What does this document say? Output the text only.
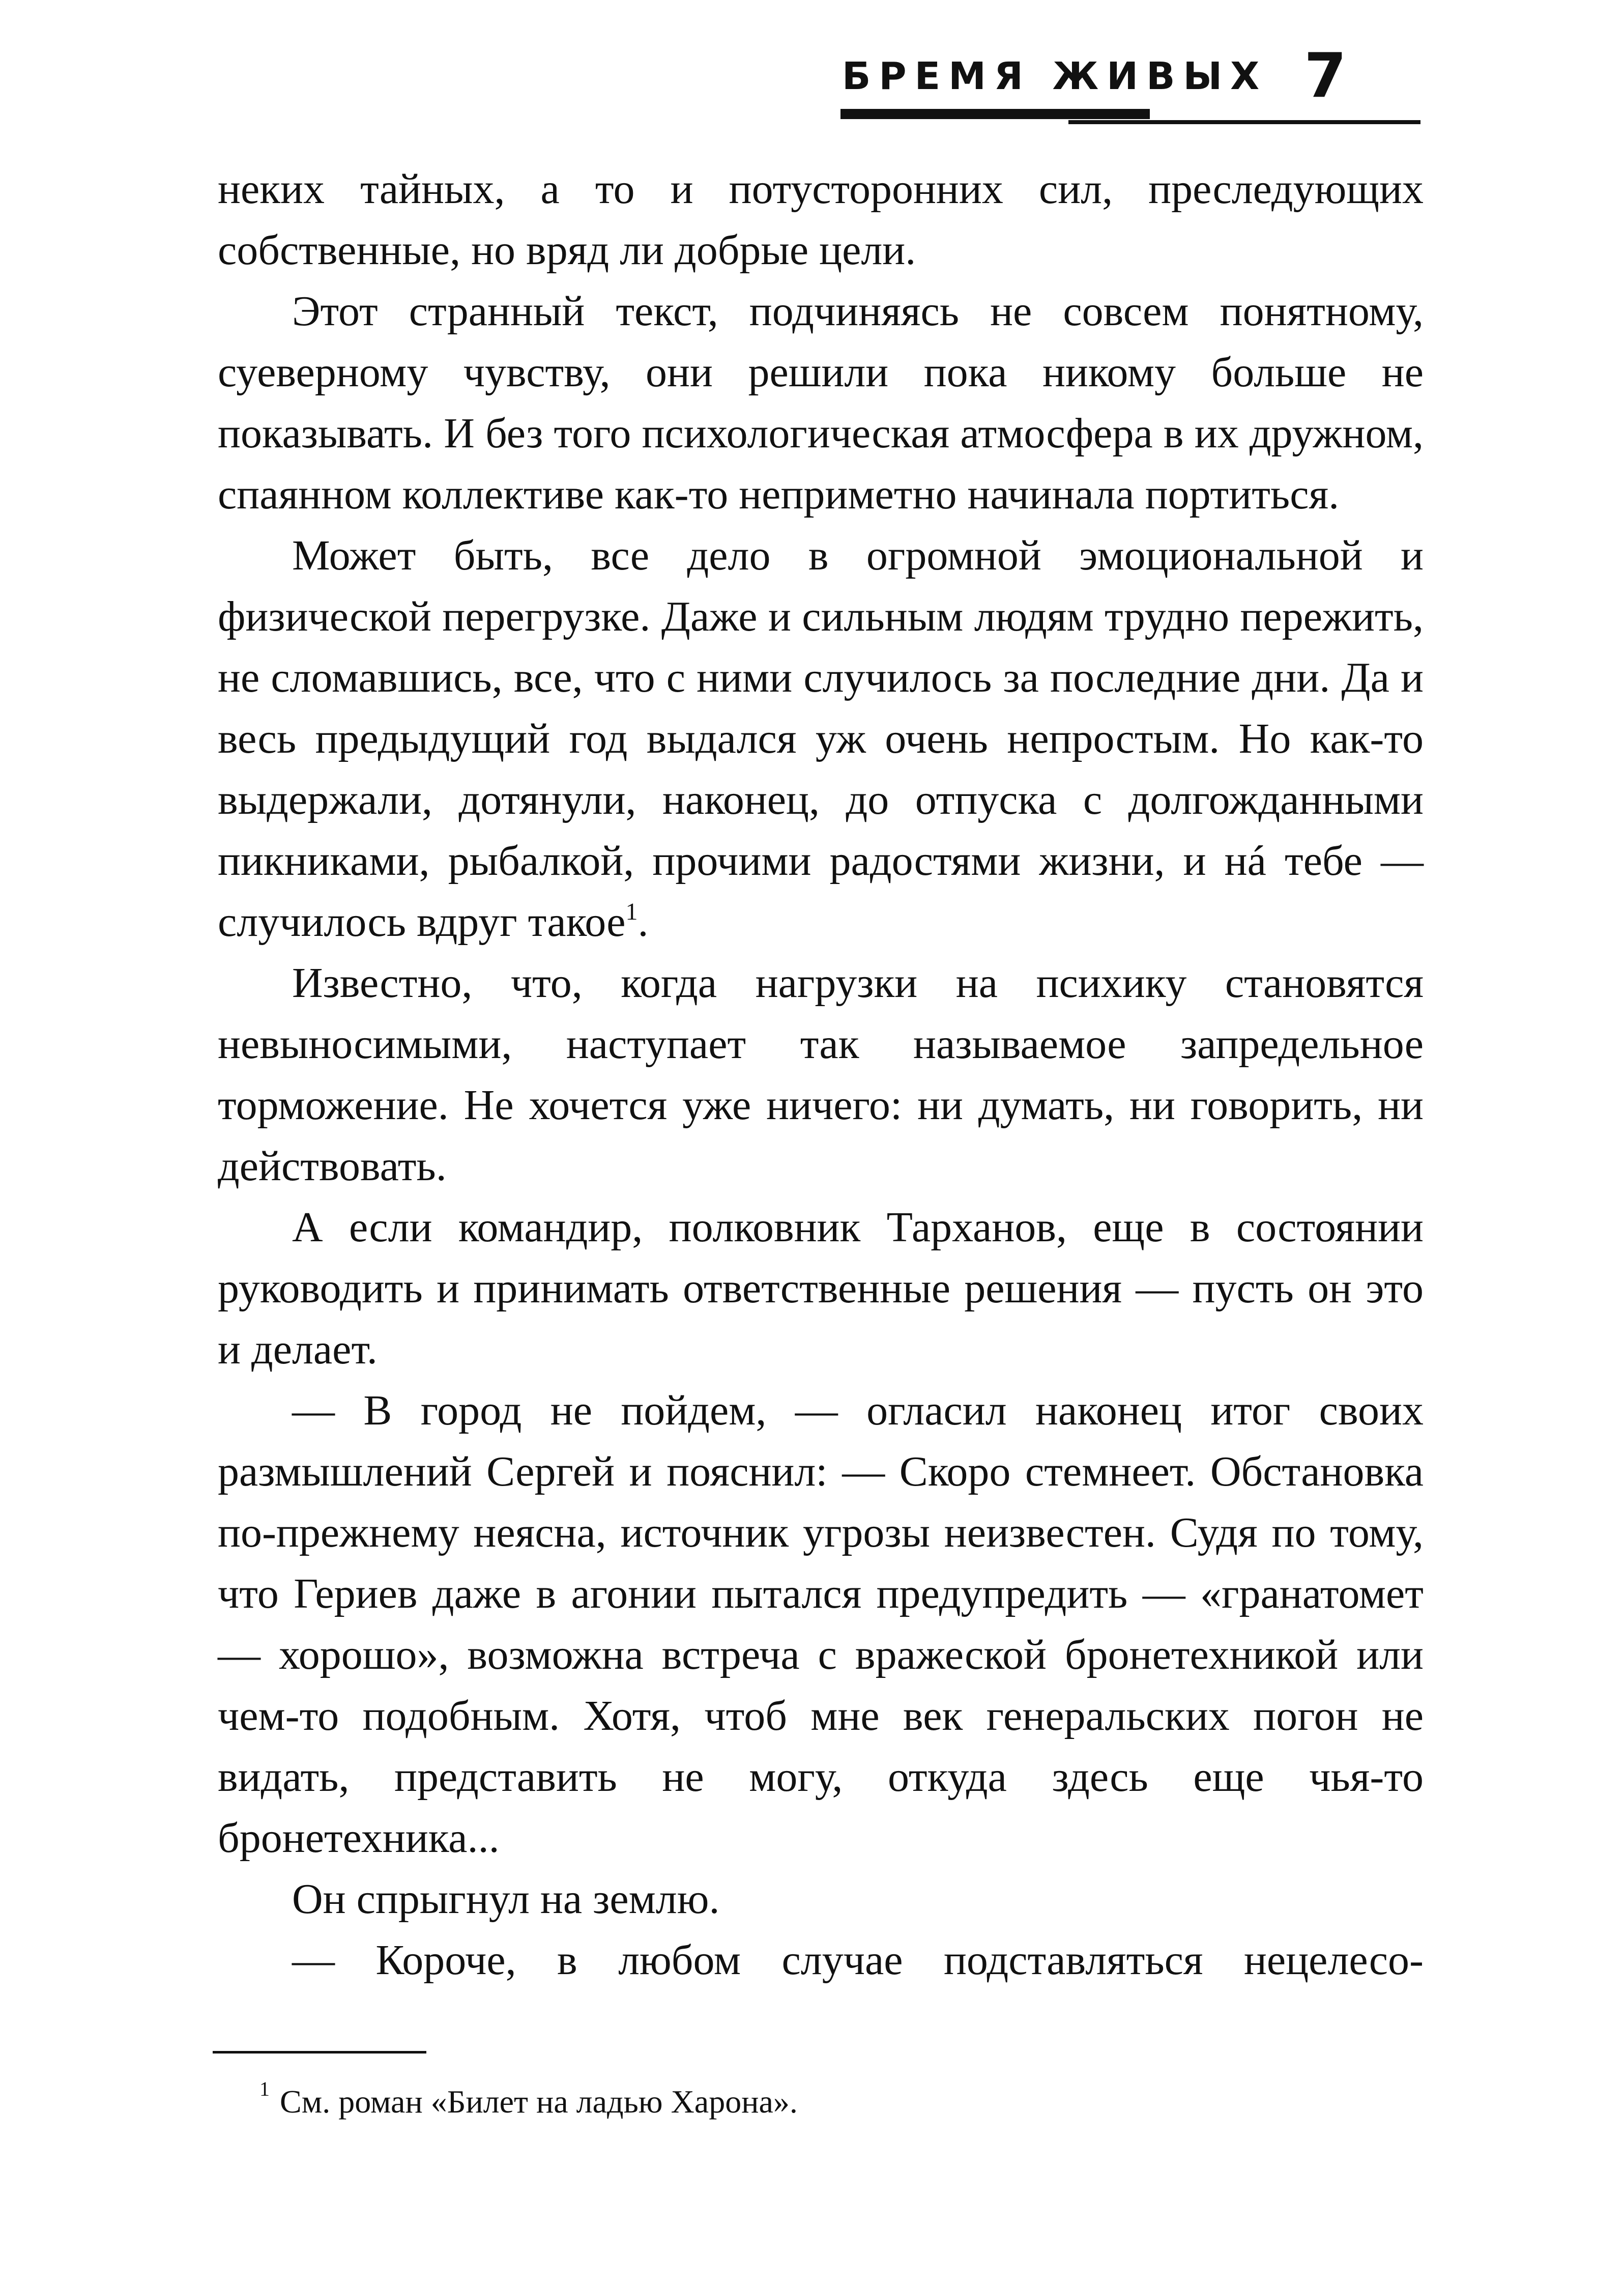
БРЕМЯ ЖИВЫХ 7

неких тайных, а то и потусторонних сил, преследующих собственные, но вряд ли добрые цели.

Этот странный текст, подчиняясь не совсем понятному, суеверному чувству, они решили пока никому больше не показывать. И без того психологическая атмосфера в их дружном, спаянном коллективе как-то неприметно начинала портиться.

Может быть, все дело в огромной эмоциональной и физической перегрузке. Даже и сильным людям трудно пережить, не сломавшись, все, что с ними случилось за последние дни. Да и весь предыдущий год выдался уж очень непростым. Но как-то выдержали, дотянули, наконец, до отпуска с долгожданными пикниками, рыбалкой, прочими радостями жизни, и нá тебе — случилось вдруг такое$^1$.

Известно, что, когда нагрузки на психику становятся невыносимыми, наступает так называемое запредельное торможение. Не хочется уже ничего: ни думать, ни говорить, ни действовать.

А если командир, полковник Тарханов, еще в состоянии руководить и принимать ответственные решения — пусть он это и делает.

— В город не пойдем, — огласил наконец итог своих размышлений Сергей и пояснил: — Скоро стемнеет. Обстановка по-прежнему неясна, источник угрозы неизвестен. Судя по тому, что Гериев даже в агонии пытался предупредить — «гранатомет — хорошо», возможна встреча с вражеской бронетехникой или чем-то подобным. Хотя, чтоб мне век генеральских погон не видать, представить не могу, откуда здесь еще чья-то бронетехника...

Он спрыгнул на землю.

— Короче, в любом случае подставляться нецелесо-

1 См. роман «Билет на ладью Харона».
